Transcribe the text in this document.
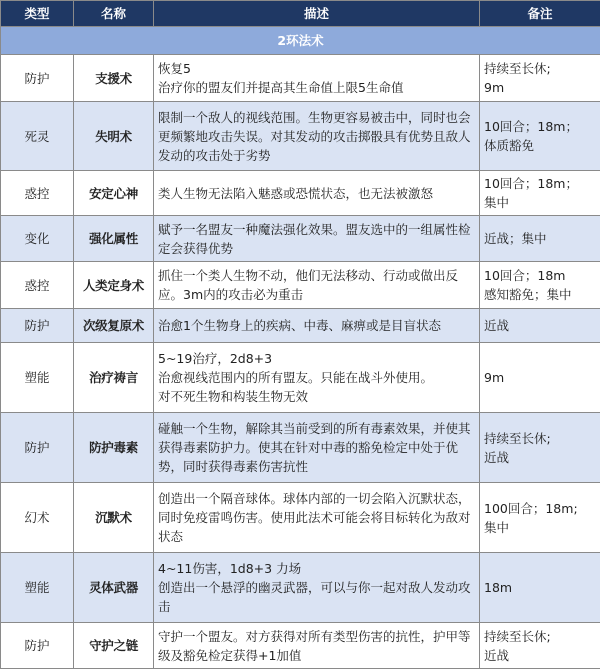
类型	名称	描述	备注
2环法术			
防护	支援术	恢复5
治疗你的盟友们并提高其生命值上限5生命值	持续至长休;
9m
死灵	失明术	限制一个敌人的视线范围。生物更容易被击中，同时也会更频繁地攻击失误。对其发动的攻击掷骰具有优势且敌人发动的攻击处于劣势	10回合；18m；
体质豁免
惑控	安定心神	类人生物无法陷入魅惑或恐慌状态，也无法被激怒	10回合；18m；
集中
变化	强化属性	赋予一名盟友一种魔法强化效果。盟友选中的一组属性检定会获得优势	近战；集中
惑控	人类定身术	抓住一个类人生物不动，他们无法移动、行动或做出反应。3m内的攻击必为重击	10回合；18m
感知豁免；集中
防护	次级复原术	治愈1个生物身上的疾病、中毒、麻痹或是目盲状态	近战
塑能	治疗祷言	5~19治疗，2d8+3
治愈视线范围内的所有盟友。只能在战斗外使用。
对不死生物和构装生物无效	9m
防护	防护毒素	碰触一个生物，解除其当前受到的所有毒素效果，并使其获得毒素防护力。使其在针对中毒的豁免检定中处于优势，同时获得毒素伤害抗性	持续至长休;
近战
幻术	沉默术	创造出一个隔音球体。球体内部的一切会陷入沉默状态，同时免疫雷鸣伤害。使用此法术可能会将目标转化为敌对状态	100回合；18m;
集中
塑能	灵体武器	4~11伤害，1d8+3 力场
创造出一个悬浮的幽灵武器，可以与你一起对敌人发动攻击	18m
防护	守护之链	守护一个盟友。对方获得对所有类型伤害的抗性，护甲等级及豁免检定获得+1加值	持续至长休;
近战
